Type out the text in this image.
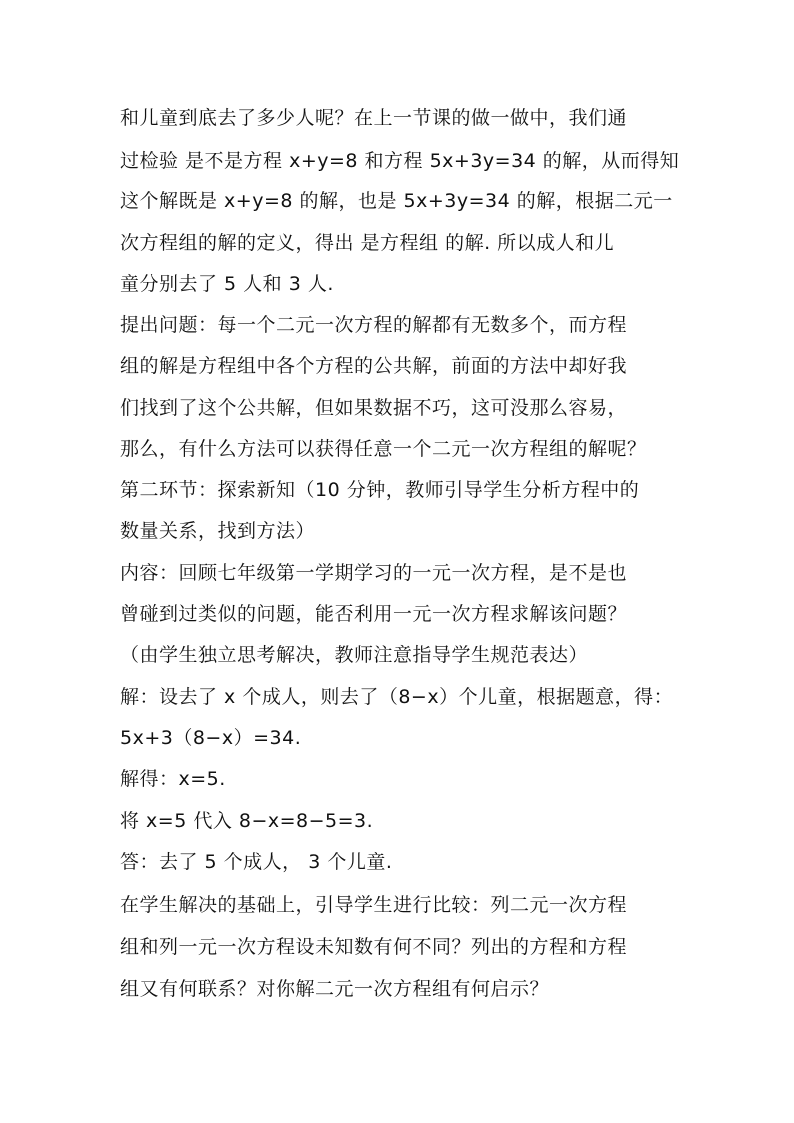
和儿童到底去了多少人呢？在上一节课的做一做中，我们通
过检验 是不是方程 x+y=8 和方程 5x+3y=34 的解，从而得知
这个解既是 x+y=8 的解，也是 5x+3y=34 的解，根据二元一
次方程组的解的定义，得出 是方程组 的解. 所以成人和儿
童分别去了 5 人和 3 人.
提出问题：每一个二元一次方程的解都有无数多个，而方程
组的解是方程组中各个方程的公共解，前面的方法中却好我
们找到了这个公共解，但如果数据不巧，这可没那么容易，
那么，有什么方法可以获得任意一个二元一次方程组的解呢？
第二环节：探索新知（10 分钟，教师引导学生分析方程中的
数量关系，找到方法）
内容：回顾七年级第一学期学习的一元一次方程，是不是也
曾碰到过类似的问题，能否利用一元一次方程求解该问题？
（由学生独立思考解决，教师注意指导学生规范表达）
解：设去了 x 个成人，则去了（8−x）个儿童，根据题意，得：
5x+3（8−x）=34.
解得：x=5.
将 x=5 代入 8−x=8−5=3.
答：去了 5 个成人， 3 个儿童.
在学生解决的基础上，引导学生进行比较：列二元一次方程
组和列一元一次方程设未知数有何不同？列出的方程和方程
组又有何联系？对你解二元一次方程组有何启示？
